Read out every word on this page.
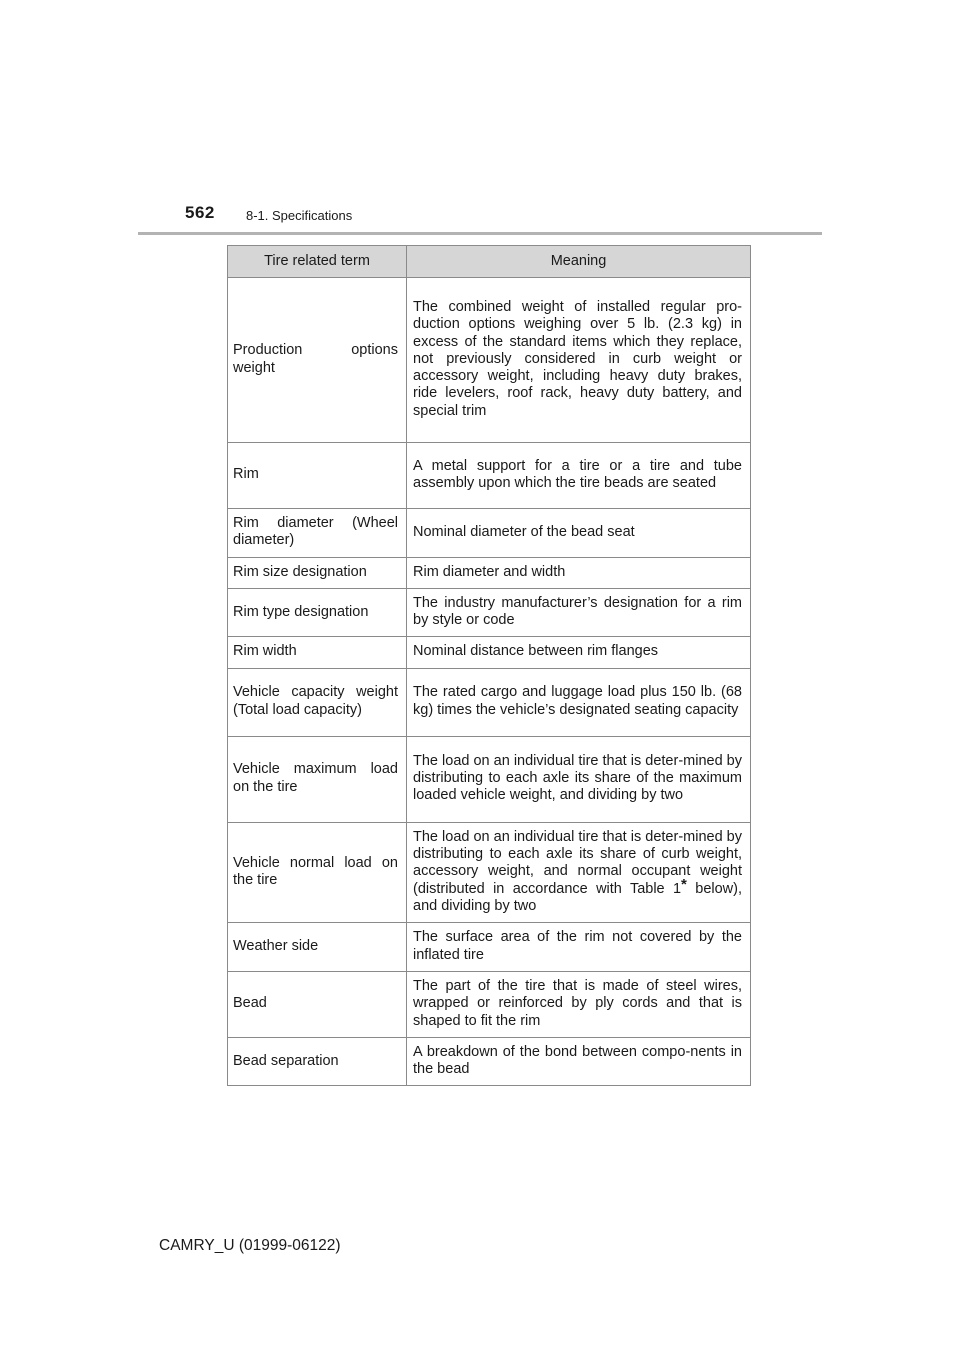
562 8-1. Specifications
Tire related term	Meaning
Production options weight	The combined weight of installed regular pro-duction options weighing over 5 lb. (2.3 kg) in excess of the standard items which they replace, not previously considered in curb weight or accessory weight, including heavy duty brakes, ride levelers, roof rack, heavy duty battery, and special trim
Rim	A metal support for a tire or a tire and tube assembly upon which the tire beads are seated
Rim diameter (Wheel diameter)	Nominal diameter of the bead seat
Rim size designation	Rim diameter and width
Rim type designation	The industry manufacturer’s designation for a rim by style or code
Rim width	Nominal distance between rim flanges
Vehicle capacity weight (Total load capacity)	The rated cargo and luggage load plus 150 lb. (68 kg) times the vehicle’s designated seating capacity
Vehicle maximum load on the tire	The load on an individual tire that is deter-mined by distributing to each axle its share of the maximum loaded vehicle weight, and dividing by two
Vehicle normal load on the tire	The load on an individual tire that is deter-mined by distributing to each axle its share of curb weight, accessory weight, and normal occupant weight (distributed in accordance with Table 1* below), and dividing by two
Weather side	The surface area of the rim not covered by the inflated tire
Bead	The part of the tire that is made of steel wires, wrapped or reinforced by ply cords and that is shaped to fit the rim
Bead separation	A breakdown of the bond between compo-nents in the bead
CAMRY_U (01999-06122)
